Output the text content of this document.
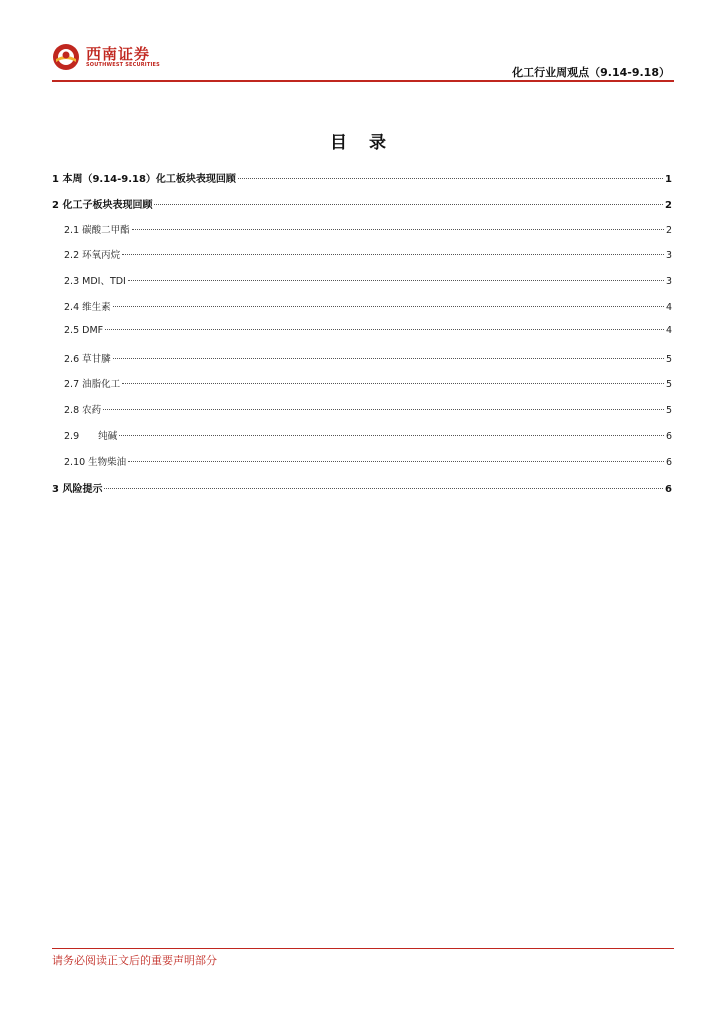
西南证券
SOUTHWEST SECURITIES
化工行业周观点（9.14-9.18）
目 录
1 本周（9.14-9.18）化工板块表现回顾	1
2 化工子板块表现回顾	2
2.1 碳酸二甲酯	2
2.2 环氧丙烷	3
2.3 MDI、TDI	3
2.4 维生素	4
2.5 DMF	4
2.6 草甘膦	5
2.7 油脂化工	5
2.8 农药	5
2.9　　纯碱	6
2.10 生物柴油	6
3 风险提示	6
请务必阅读正文后的重要声明部分
